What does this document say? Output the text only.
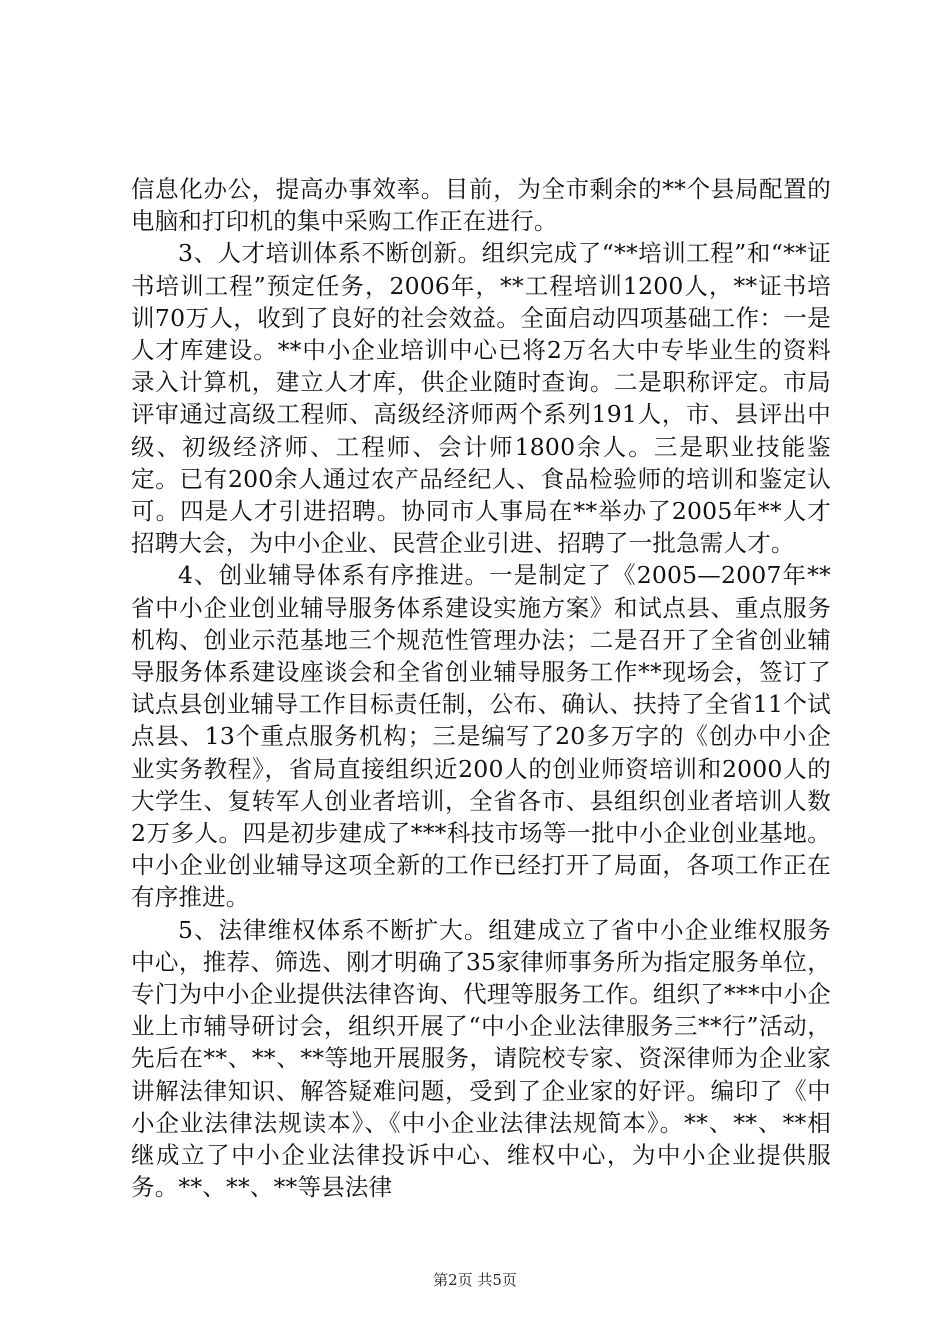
信息化办公，提高办事效率。目前，为全市剩余的**个县局配置的电脑和打印机的集中采购工作正在进行。

3、人才培训体系不断创新。组织完成了“**培训工程”和“**证书培训工程”预定任务，2006年，**工程培训1200人，**证书培训70万人，收到了良好的社会效益。全面启动四项基础工作：一是人才库建设。**中小企业培训中心已将2万名大中专毕业生的资料录入计算机，建立人才库，供企业随时查询。二是职称评定。市局评审通过高级工程师、高级经济师两个系列191人，市、县评出中级、初级经济师、工程师、会计师1800余人。三是职业技能鉴定。已有200余人通过农产品经纪人、食品检验师的培训和鉴定认可。四是人才引进招聘。协同市人事局在**举办了2005年**人才招聘大会，为中小企业、民营企业引进、招聘了一批急需人才。

4、创业辅导体系有序推进。一是制定了《2005—2007年**省中小企业创业辅导服务体系建设实施方案》和试点县、重点服务机构、创业示范基地三个规范性管理办法；二是召开了全省创业辅导服务体系建设座谈会和全省创业辅导服务工作**现场会，签订了试点县创业辅导工作目标责任制，公布、确认、扶持了全省11个试点县、13个重点服务机构；三是编写了20多万字的《创办中小企业实务教程》，省局直接组织近200人的创业师资培训和2000人的大学生、复转军人创业者培训，全省各市、县组织创业者培训人数2万多人。四是初步建成了***科技市场等一批中小企业创业基地。中小企业创业辅导这项全新的工作已经打开了局面，各项工作正在有序推进。

5、法律维权体系不断扩大。组建成立了省中小企业维权服务中心，推荐、筛选、刚才明确了35家律师事务所为指定服务单位，专门为中小企业提供法律咨询、代理等服务工作。组织了***中小企业上市辅导研讨会，组织开展了“中小企业法律服务三**行”活动，先后在**、**、**等地开展服务，请院校专家、资深律师为企业家讲解法律知识、解答疑难问题，受到了企业家的好评。编印了《中小企业法律法规读本》、《中小企业法律法规简本》。**、**、**相继成立了中小企业法律投诉中心、维权中心，为中小企业提供服务。**、**、**等县法律

第2页 共5页
